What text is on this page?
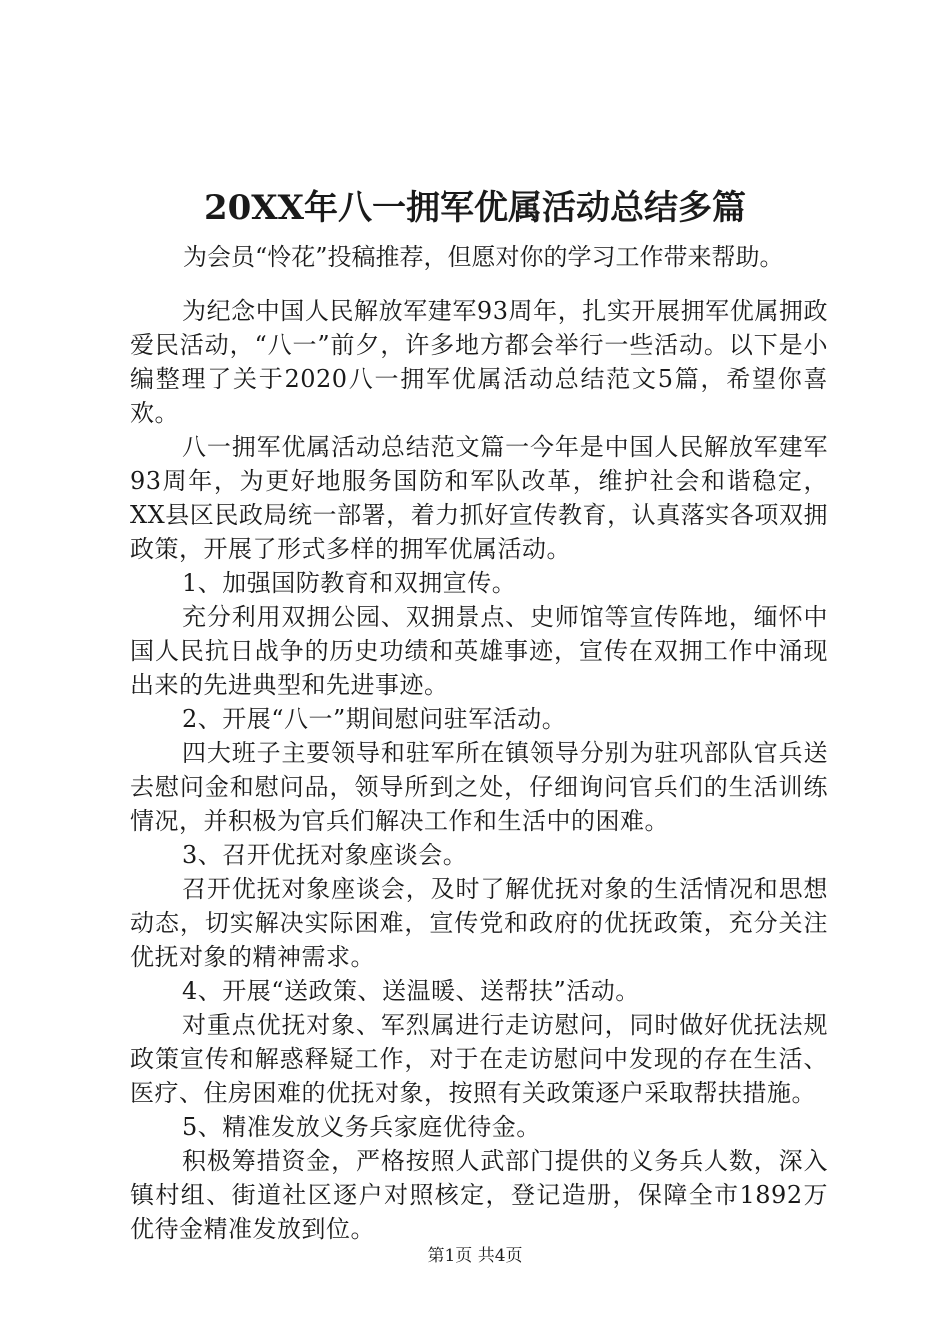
20XX年八一拥军优属活动总结多篇
为会员“怜花”投稿推荐，但愿对你的学习工作带来帮助。

为纪念中国人民解放军建军93周年，扎实开展拥军优属拥政爱民活动，“八一”前夕，许多地方都会举行一些活动。以下是小编整理了关于2020八一拥军优属活动总结范文5篇，希望你喜欢。

八一拥军优属活动总结范文篇一今年是中国人民解放军建军93周年，为更好地服务国防和军队改革，维护社会和谐稳定，XX县区民政局统一部署，着力抓好宣传教育，认真落实各项双拥政策，开展了形式多样的拥军优属活动。

1、加强国防教育和双拥宣传。

充分利用双拥公园、双拥景点、史师馆等宣传阵地，缅怀中国人民抗日战争的历史功绩和英雄事迹，宣传在双拥工作中涌现出来的先进典型和先进事迹。

2、开展“八一”期间慰问驻军活动。

四大班子主要领导和驻军所在镇领导分别为驻巩部队官兵送去慰问金和慰问品，领导所到之处，仔细询问官兵们的生活训练情况，并积极为官兵们解决工作和生活中的困难。

3、召开优抚对象座谈会。

召开优抚对象座谈会，及时了解优抚对象的生活情况和思想动态，切实解决实际困难，宣传党和政府的优抚政策，充分关注优抚对象的精神需求。

4、开展“送政策、送温暖、送帮扶”活动。

对重点优抚对象、军烈属进行走访慰问，同时做好优抚法规政策宣传和解惑释疑工作，对于在走访慰问中发现的存在生活、医疗、住房困难的优抚对象，按照有关政策逐户采取帮扶措施。

5、精准发放义务兵家庭优待金。

积极筹措资金，严格按照人武部门提供的义务兵人数，深入镇村组、街道社区逐户对照核定，登记造册，保障全市1892万优待金精准发放到位。

第1页 共4页
